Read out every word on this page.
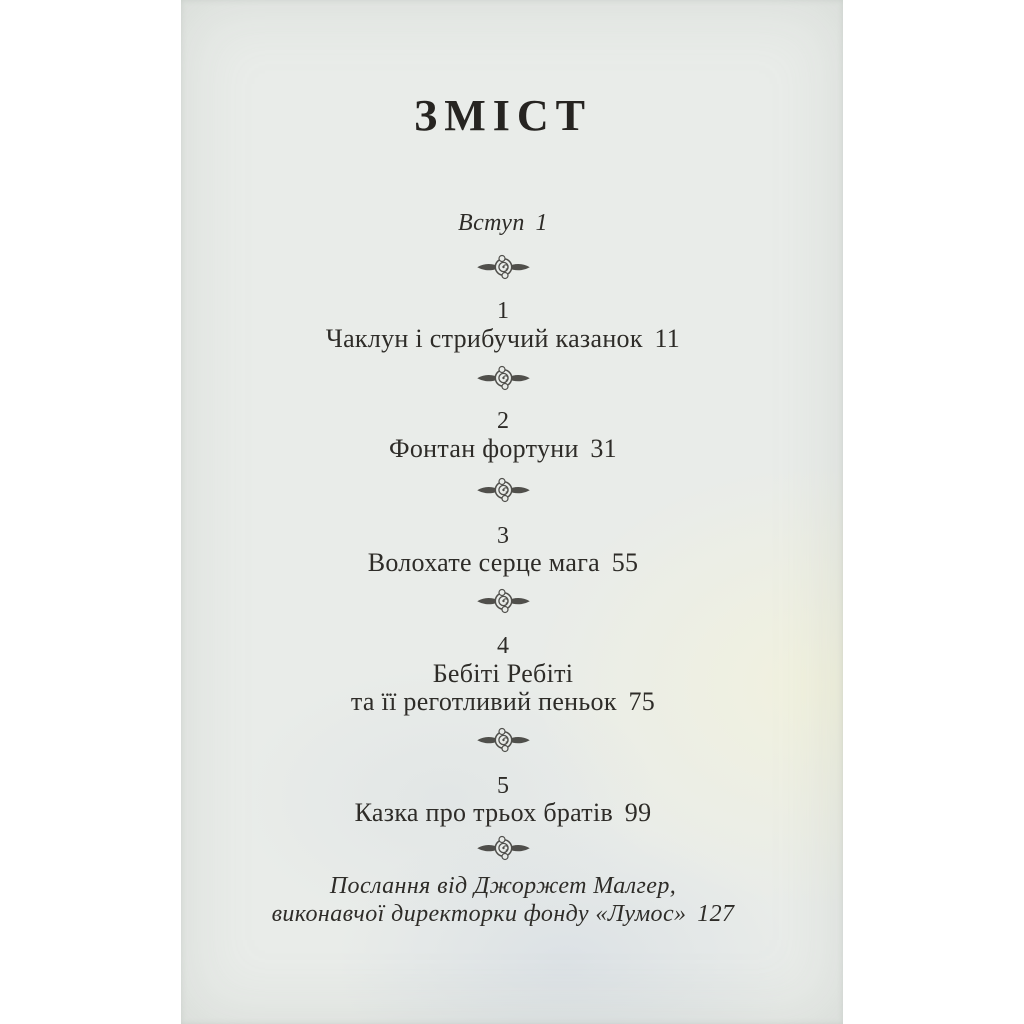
ЗМІСТ
Вступ 1
1
Чаклун і стрибучий казанок 11
2
Фонтан фортуни 31
3
Волохате серце мага 55
4
Бебіті Ребіті
та її реготливий пеньок 75
5
Казка про трьох братів 99
Послання від Джоржет Малгер,
виконавчої директорки фонду «Лумос» 127
